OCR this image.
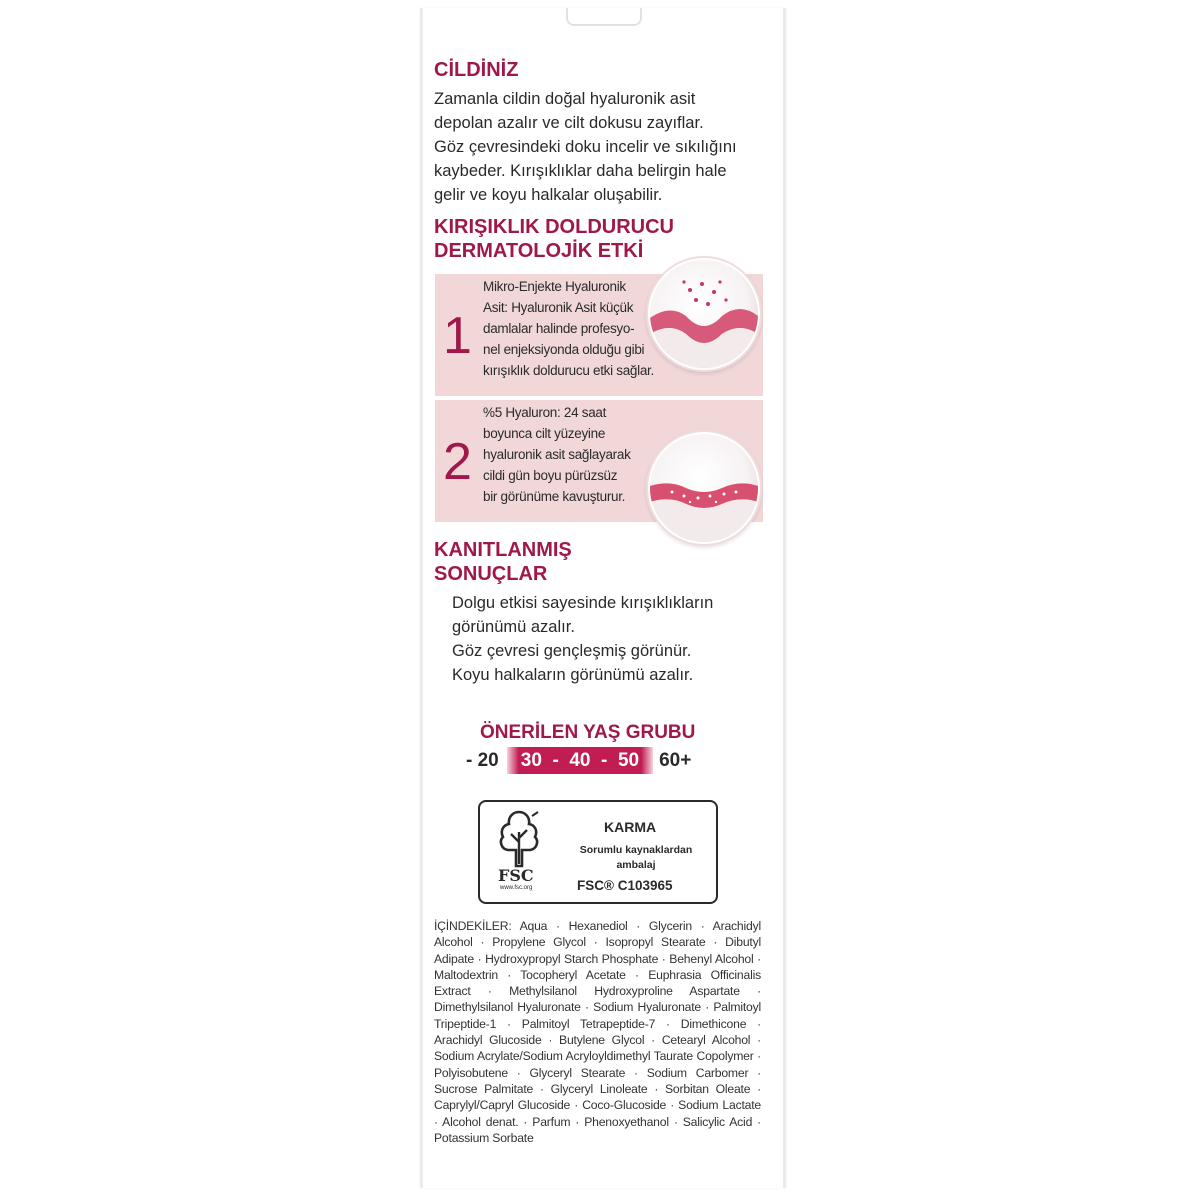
CİLDİNİZ
Zamanla cildin doğal hyaluronik asit
depolan azalır ve cilt dokusu zayıflar.
Göz çevresindeki doku incelir ve sıkılığını
kaybeder. Kırışıklıklar daha belirgin hale
gelir ve koyu halkalar oluşabilir.
KIRIŞIKLIK DOLDURUCU
DERMATOLOJİK ETKİ
Mikro-Enjekte Hyaluronik
Asit: Hyaluronik Asit küçük
damlalar halinde profesyo-
nel enjeksiyonda olduğu gibi
kırışıklık doldurucu etki sağlar.
1
%5 Hyaluron: 24 saat
boyunca cilt yüzeyine
hyaluronik asit sağlayarak
cildi gün boyu pürüzsüz
bir görünüme kavuşturur.
2
KANITLANMIŞ
SONUÇLAR
Dolgu etkisi sayesinde kırışıklıkların
görünümü azalır.
Göz çevresi gençleşmiş görünür.
Koyu halkaların görünümü azalır.
ÖNERİLEN YAŞ GRUBU
- 20 30 - 40 - 50 60+
FSC
www.fsc.org
KARMA
Sorumlu kaynaklardan
ambalaj
FSC® C103965
İÇİNDEKİLER: Aqua · Hexanediol · Glycerin · Arachidyl Alcohol · Propylene Glycol · Isopropyl Stearate · Dibutyl Adipate · Hydroxypropyl Starch Phosphate · Behenyl Alcohol · Maltodextrin · Tocopheryl Acetate · Euphrasia Officinalis Extract · Methylsilanol Hydroxyproline Aspartate · Dimethylsilanol Hyaluronate · Sodium Hyaluronate · Palmitoyl Tripeptide-1 · Palmitoyl Tetrapeptide-7 · Dimethicone · Arachidyl Glucoside · Butylene Glycol · Cetearyl Alcohol · Sodium Acrylate/Sodium Acryloyldimethyl Taurate Copolymer · Polyisobutene · Glyceryl Stearate · Sodium Carbomer · Sucrose Palmitate · Glyceryl Linoleate · Sorbitan Oleate · Caprylyl/Capryl Glucoside · Coco-Glucoside · Sodium Lactate · Alcohol denat. · Parfum · Phenoxyethanol · Salicylic Acid · Potassium Sorbate
